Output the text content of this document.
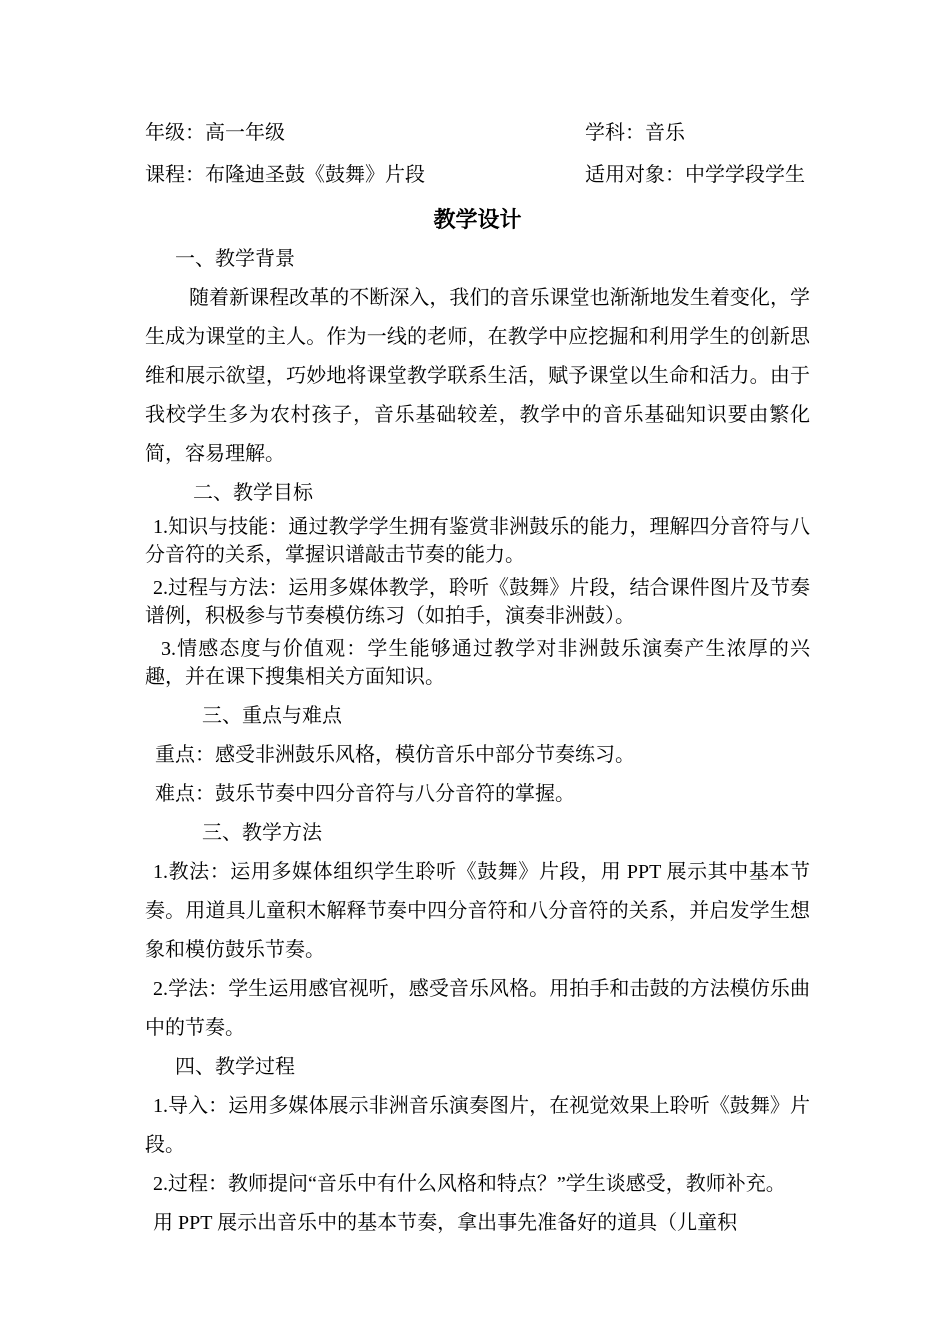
年级：高一年级	学科：音乐
课程：布隆迪圣鼓《鼓舞》片段	适用对象：中学学段学生
教学设计

一、教学背景

随着新课程改革的不断深入，我们的音乐课堂也渐渐地发生着变化，学生成为课堂的主人。作为一线的老师，在教学中应挖掘和利用学生的创新思维和展示欲望，巧妙地将课堂教学联系生活，赋予课堂以生命和活力。由于我校学生多为农村孩子，音乐基础较差，教学中的音乐基础知识要由繁化简，容易理解。

二、教学目标

1.知识与技能：通过教学学生拥有鉴赏非洲鼓乐的能力，理解四分音符与八分音符的关系，掌握识谱敲击节奏的能力。

2.过程与方法：运用多媒体教学，聆听《鼓舞》片段，结合课件图片及节奏谱例，积极参与节奏模仿练习（如拍手，演奏非洲鼓）。

3.情感态度与价值观：学生能够通过教学对非洲鼓乐演奏产生浓厚的兴趣，并在课下搜集相关方面知识。

三、重点与难点

重点：感受非洲鼓乐风格，模仿音乐中部分节奏练习。

难点：鼓乐节奏中四分音符与八分音符的掌握。

三、教学方法

1.教法：运用多媒体组织学生聆听《鼓舞》片段，用 PPT 展示其中基本节奏。用道具儿童积木解释节奏中四分音符和八分音符的关系，并启发学生想象和模仿鼓乐节奏。

2.学法：学生运用感官视听，感受音乐风格。用拍手和击鼓的方法模仿乐曲中的节奏。

四、教学过程

1.导入：运用多媒体展示非洲音乐演奏图片，在视觉效果上聆听《鼓舞》片段。

2.过程：教师提问“音乐中有什么风格和特点？”学生谈感受，教师补充。

用 PPT 展示出音乐中的基本节奏，拿出事先准备好的道具（儿童积
